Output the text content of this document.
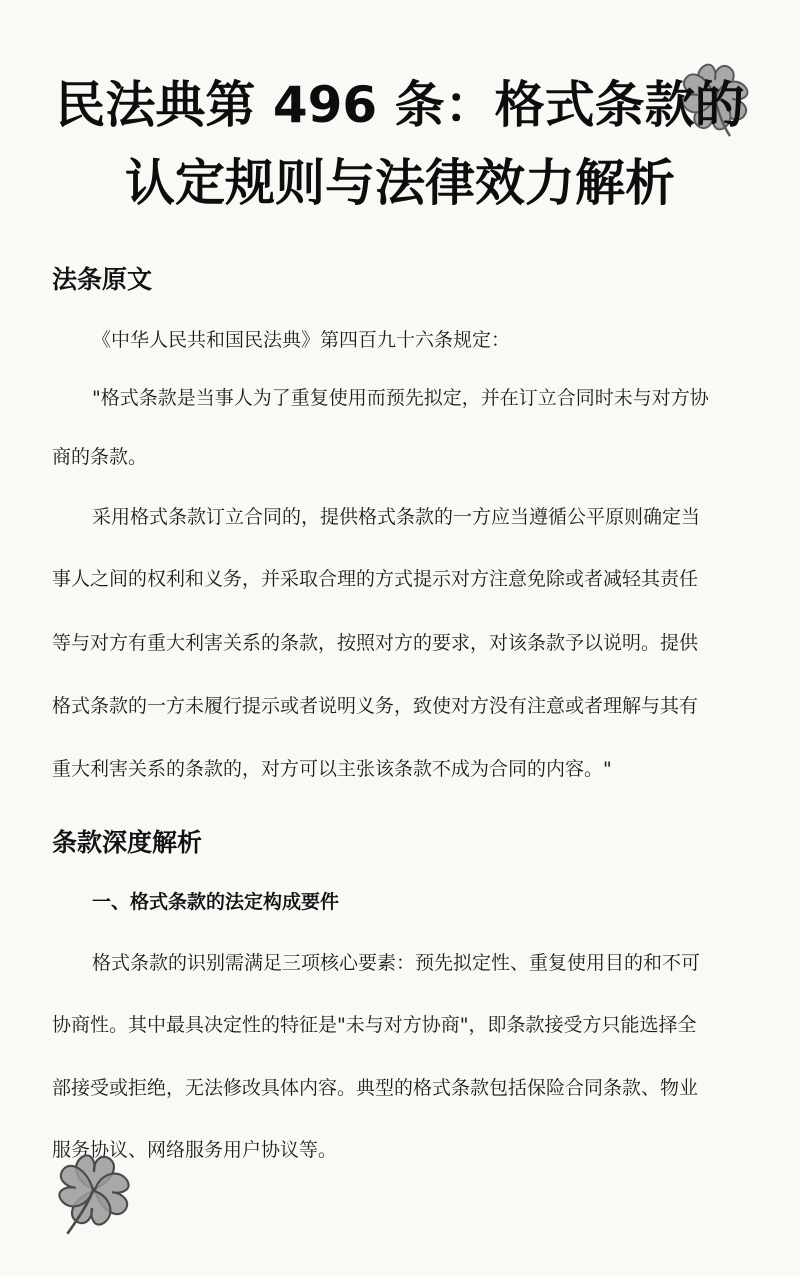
民法典第 496 条：格式条款的
认定规则与法律效力解析
法条原文

《中华人民共和国民法典》第四百九十六条规定：

"格式条款是当事人为了重复使用而预先拟定，并在订立合同时未与对方协

商的条款。

采用格式条款订立合同的，提供格式条款的一方应当遵循公平原则确定当

事人之间的权利和义务，并采取合理的方式提示对方注意免除或者减轻其责任

等与对方有重大利害关系的条款，按照对方的要求，对该条款予以说明。提供

格式条款的一方未履行提示或者说明义务，致使对方没有注意或者理解与其有

重大利害关系的条款的，对方可以主张该条款不成为合同的内容。"

条款深度解析
一、格式条款的法定构成要件

格式条款的识别需满足三项核心要素：预先拟定性、重复使用目的和不可

协商性。其中最具决定性的特征是"未与对方协商"，即条款接受方只能选择全

部接受或拒绝，无法修改具体内容。典型的格式条款包括保险合同条款、物业

服务协议、网络服务用户协议等。
